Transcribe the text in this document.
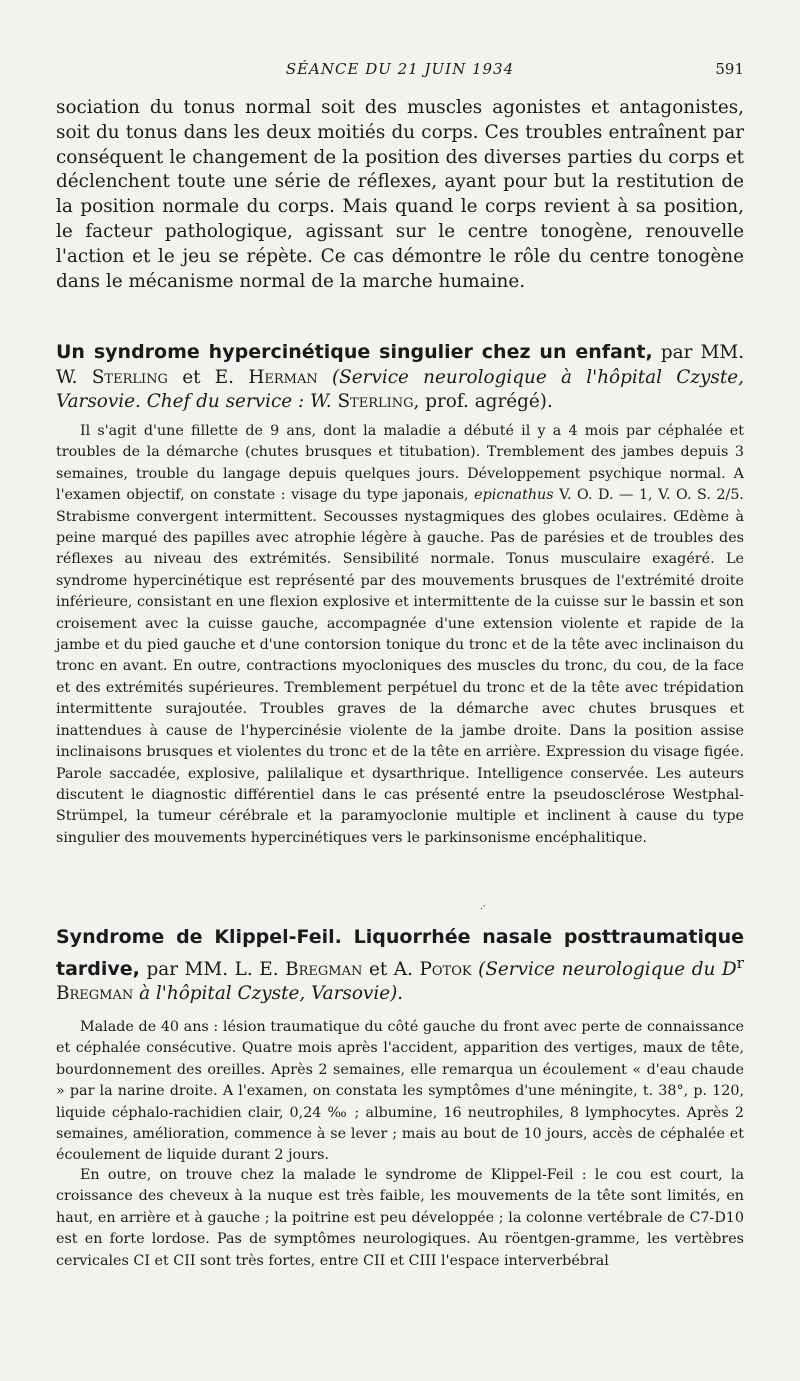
SÉANCE DU 21 JUIN 1934	591

sociation du tonus normal soit des muscles agonistes et antagonistes, soit du tonus dans les deux moitiés du corps. Ces troubles entraînent par conséquent le changement de la position des diverses parties du corps et déclenchent toute une série de réflexes, ayant pour but la restitution de la position normale du corps. Mais quand le corps revient à sa position, le facteur pathologique, agissant sur le centre tonogène, renouvelle l'action et le jeu se répète. Ce cas démontre le rôle du centre tonogène dans le mécanisme normal de la marche humaine.

Un syndrome hypercinétique singulier chez un enfant, par MM. W. Sterling et E. Herman (Service neurologique à l'hôpital Czyste, Varsovie. Chef du service : W. Sterling, prof. agrégé).

Il s'agit d'une fillette de 9 ans, dont la maladie a débuté il y a 4 mois par céphalée et troubles de la démarche (chutes brusques et titubation). Tremblement des jambes depuis 3 semaines, trouble du langage depuis quelques jours. Développement psychique normal. A l'examen objectif, on constate : visage du type japonais, epicnathus V. O. D. — 1, V. O. S. 2/5. Strabisme convergent intermittent. Secousses nystagmiques des globes oculaires. Œdème à peine marqué des papilles avec atrophie légère à gauche. Pas de parésies et de troubles des réflexes au niveau des extrémités. Sensibilité normale. Tonus musculaire exagéré. Le syndrome hypercinétique est représenté par des mouvements brusques de l'extrémité droite inférieure, consistant en une flexion explosive et intermittente de la cuisse sur le bassin et son croisement avec la cuisse gauche, accompagnée d'une extension violente et rapide de la jambe et du pied gauche et d'une contorsion tonique du tronc et de la tête avec inclinaison du tronc en avant. En outre, contractions myocloniques des muscles du tronc, du cou, de la face et des extrémités supérieures. Tremblement perpétuel du tronc et de la tête avec trépidation intermittente surajoutée. Troubles graves de la démarche avec chutes brusques et inattendues à cause de l'hypercinésie violente de la jambe droite. Dans la position assise inclinaisons brusques et violentes du tronc et de la tête en arrière. Expression du visage figée. Parole saccadée, explosive, palilalique et dysarthrique. Intelligence conservée. Les auteurs discutent le diagnostic différentiel dans le cas présenté entre la pseudosclérose Westphal-Strümpel, la tumeur cérébrale et la paramyoclonie multiple et inclinent à cause du type singulier des mouvements hypercinétiques vers le parkinsonisme encéphalitique.

.·

Syndrome de Klippel-Feil. Liquorrhée nasale posttraumatique tardive, par MM. L. E. Bregman et A. Potok (Service neurologique du $D^r$ Bregman à l'hôpital Czyste, Varsovie).

Malade de 40 ans : lésion traumatique du côté gauche du front avec perte de connaissance et céphalée consécutive. Quatre mois après l'accident, apparition des vertiges, maux de tête, bourdonnement des oreilles. Après 2 semaines, elle remarqua un écoulement « d'eau chaude » par la narine droite. A l'examen, on constata les symptômes d'une méningite, t. 38°, p. 120, liquide céphalo-rachidien clair, 0,24 ‰ ; albumine, 16 neutrophiles, 8 lymphocytes. Après 2 semaines, amélioration, commence à se lever ; mais au bout de 10 jours, accès de céphalée et écoulement de liquide durant 2 jours.

En outre, on trouve chez la malade le syndrome de Klippel-Feil : le cou est court, la croissance des cheveux à la nuque est très faible, les mouvements de la tête sont limités, en haut, en arrière et à gauche ; la poitrine est peu développée ; la colonne vertébrale de C7-D10 est en forte lordose. Pas de symptômes neurologiques. Au röentgen-gramme, les vertèbres cervicales CI et CII sont très fortes, entre CII et CIII l'espace interverbébral
